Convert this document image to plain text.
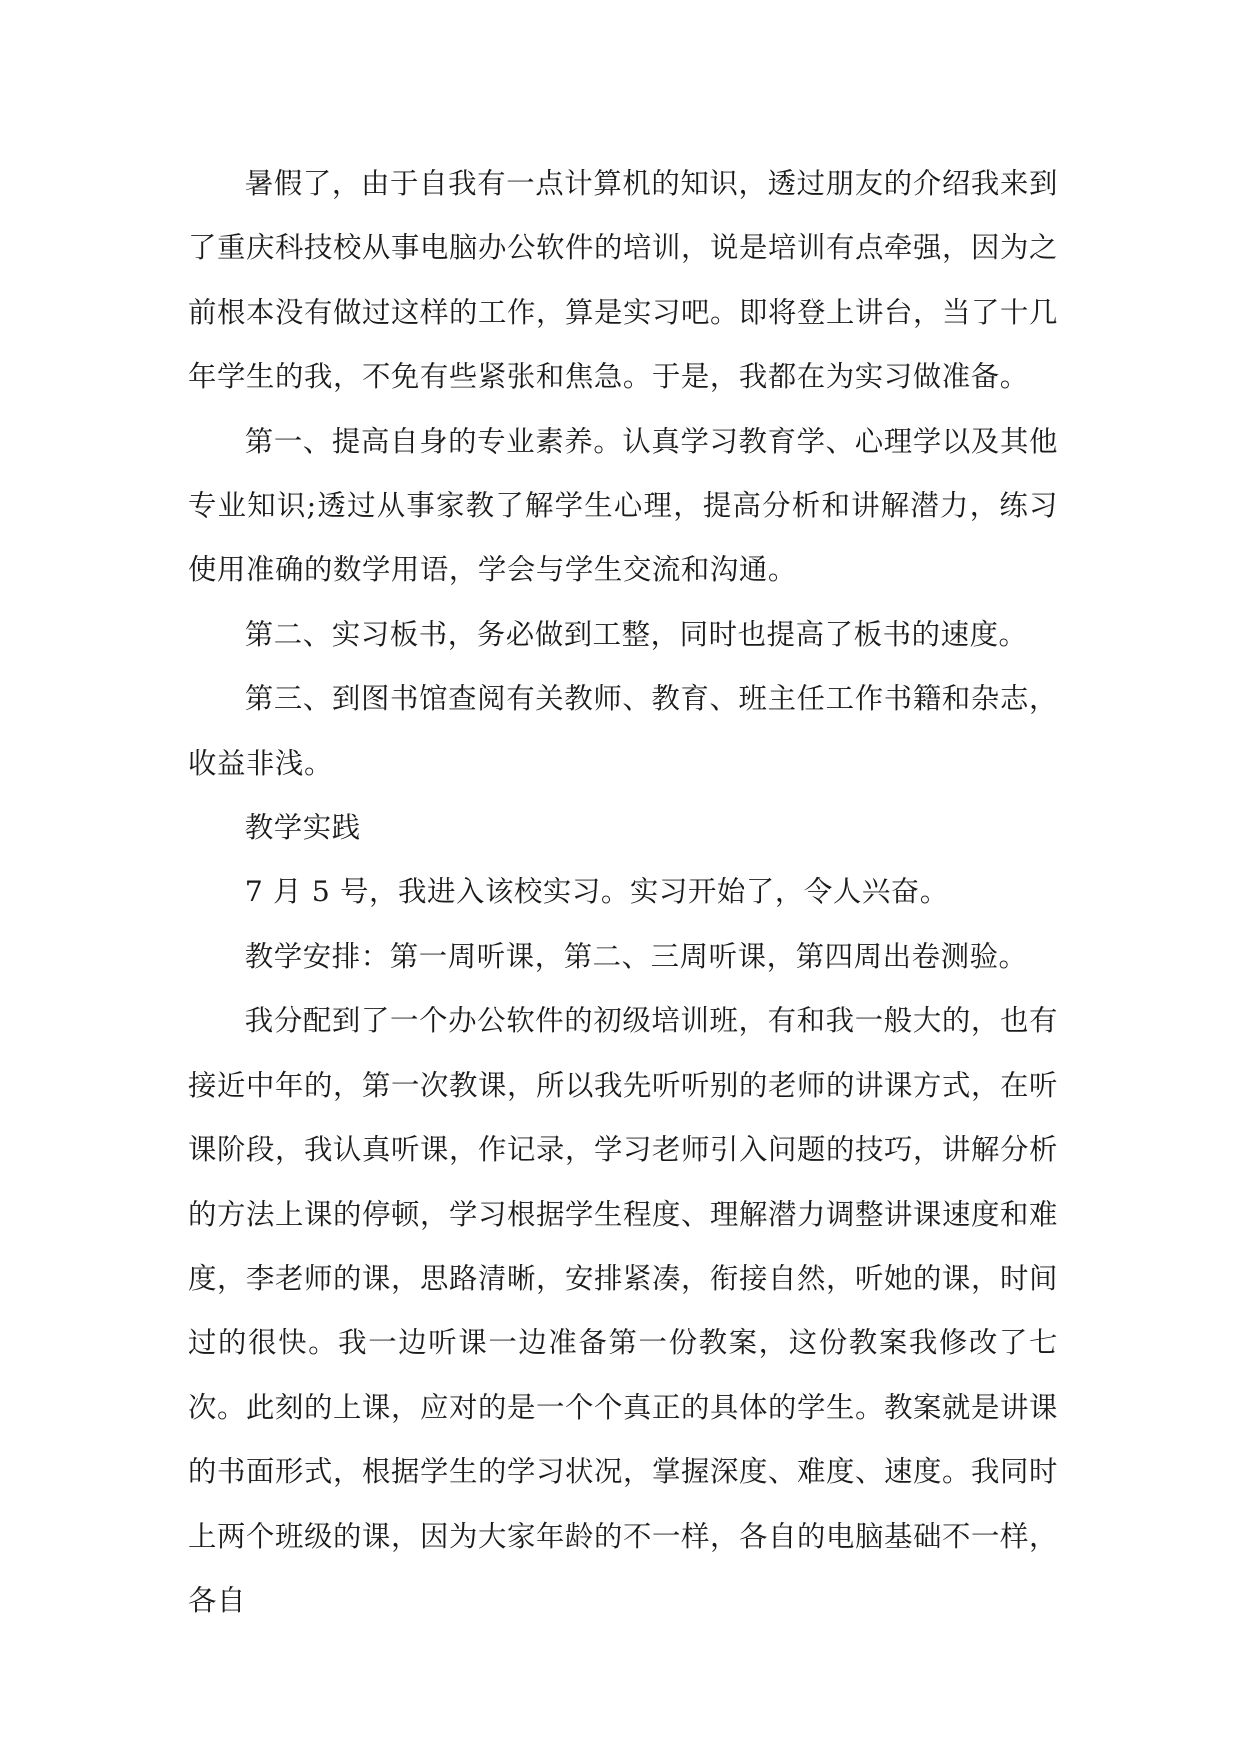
暑假了，由于自我有一点计算机的知识，透过朋友的介绍我来到了重庆科技校从事电脑办公软件的培训，说是培训有点牵强，因为之前根本没有做过这样的工作，算是实习吧。即将登上讲台，当了十几年学生的我，不免有些紧张和焦急。于是，我都在为实习做准备。

第一、提高自身的专业素养。认真学习教育学、心理学以及其他专业知识;透过从事家教了解学生心理，提高分析和讲解潜力，练习使用准确的数学用语，学会与学生交流和沟通。

第二、实习板书，务必做到工整，同时也提高了板书的速度。

第三、到图书馆查阅有关教师、教育、班主任工作书籍和杂志，收益非浅。

教学实践

7 月 5 号，我进入该校实习。实习开始了，令人兴奋。

教学安排：第一周听课，第二、三周听课，第四周出卷测验。

我分配到了一个办公软件的初级培训班，有和我一般大的，也有接近中年的，第一次教课，所以我先听听别的老师的讲课方式，在听课阶段，我认真听课，作记录，学习老师引入问题的技巧，讲解分析的方法上课的停顿，学习根据学生程度、理解潜力调整讲课速度和难度，李老师的课，思路清晰，安排紧凑，衔接自然，听她的课，时间过的很快。我一边听课一边准备第一份教案，这份教案我修改了七次。此刻的上课，应对的是一个个真正的具体的学生。教案就是讲课的书面形式，根据学生的学习状况，掌握深度、难度、速度。我同时上两个班级的课，因为大家年龄的不一样，各自的电脑基础不一样，各自
